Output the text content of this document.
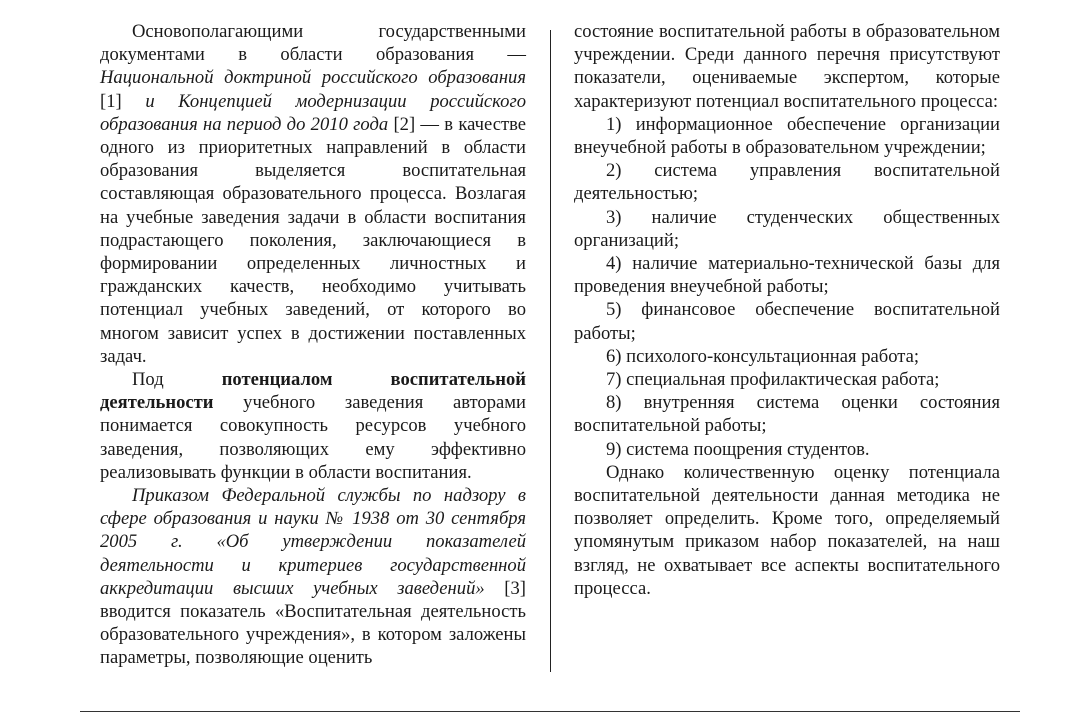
Основополагающими государственными документами в области образования — Национальной доктриной российского образования [1] и Концепцией модернизации российского образования на период до 2010 года [2] — в качестве одного из приоритетных направлений в области образования выделяется воспитательная составляющая образовательного процесса. Возлагая на учебные заведения задачи в области воспитания подрастающего поколения, заключающиеся в формировании определенных личностных и гражданских качеств, необходимо учитывать потенциал учебных заведений, от которого во многом зависит успех в достижении поставленных задач.

Под потенциалом воспитательной деятельности учебного заведения авторами понимается совокупность ресурсов учебного заведения, позволяющих ему эффективно реализовывать функции в области воспитания.

Приказом Федеральной службы по надзору в сфере образования и науки № 1938 от 30 сентября 2005 г. «Об утверждении показателей деятельности и критериев государственной аккредитации высших учебных заведений» [3] вводится показатель «Воспитательная деятельность образовательного учреждения», в котором заложены параметры, позволяющие оценить

состояние воспитательной работы в образовательном учреждении. Среди данного перечня присутствуют показатели, оцениваемые экспертом, которые характеризуют потенциал воспитательного процесса:

1) информационное обеспечение организации внеучебной работы в образовательном учреждении;

2) система управления воспитательной деятельностью;

3) наличие студенческих общественных организаций;

4) наличие материально-технической базы для проведения внеучебной работы;

5) финансовое обеспечение воспитательной работы;

6) психолого-консультационная работа;

7) специальная профилактическая работа;

8) внутренняя система оценки состояния воспитательной работы;

9) система поощрения студентов.

Однако количественную оценку потенциала воспитательной деятельности данная методика не позволяет определить. Кроме того, определяемый упомянутым приказом набор показателей, на наш взгляд, не охватывает все аспекты воспитательного процесса.
